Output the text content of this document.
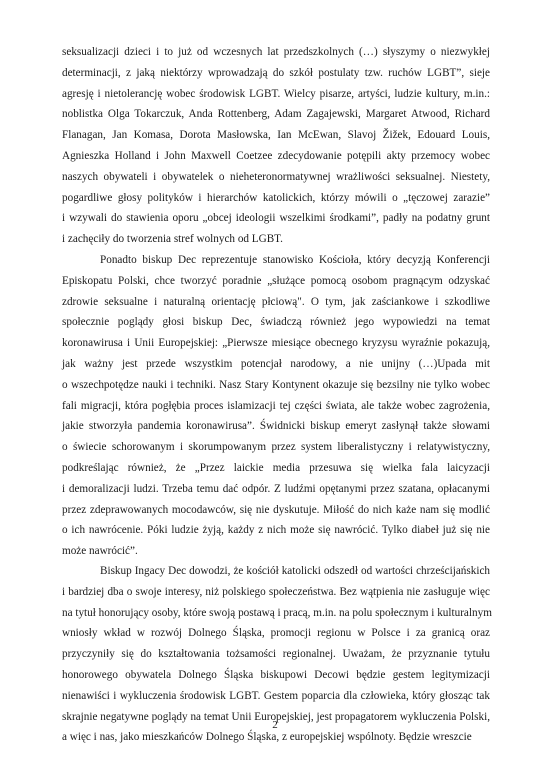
seksualizacji dzieci i to już od wczesnych lat przedszkolnych (…) słyszymy o niezwykłej
determinacji, z jaką niektórzy wprowadzają do szkół postulaty tzw. ruchów LGBT”, sieje
agresję i nietolerancję wobec środowisk LGBT. Wielcy pisarze, artyści, ludzie kultury, m.in.:
noblistka Olga Tokarczuk, Anda Rottenberg, Adam Zagajewski, Margaret Atwood, Richard
Flanagan, Jan Komasa, Dorota Masłowska, Ian McEwan, Slavoj Žižek, Edouard Louis,
Agnieszka Holland i John Maxwell Coetzee zdecydowanie potępili akty przemocy wobec
naszych obywateli i obywatelek o nieheteronormatywnej wrażliwości seksualnej. Niestety,
pogardliwe głosy polityków i hierarchów katolickich, którzy mówili o „tęczowej zarazie”
i wzywali do stawienia oporu „obcej ideologii wszelkimi środkami”, padły na podatny grunt
i zachęciły do tworzenia stref wolnych od LGBT.
Ponadto biskup Dec reprezentuje stanowisko Kościoła, który decyzją Konferencji
Episkopatu Polski, chce tworzyć poradnie „służące pomocą osobom pragnącym odzyskać
zdrowie seksualne i naturalną orientację płciową". O tym, jak zaściankowe i szkodliwe
społecznie poglądy głosi biskup Dec, świadczą również jego wypowiedzi na temat
koronawirusa i Unii Europejskiej: „Pierwsze miesiące obecnego kryzysu wyraźnie pokazują,
jak ważny jest przede wszystkim potencjał narodowy, a nie unijny (…)Upada mit
o wszechpotędze nauki i techniki. Nasz Stary Kontynent okazuje się bezsilny nie tylko wobec
fali migracji, która pogłębia proces islamizacji tej części świata, ale także wobec zagrożenia,
jakie stworzyła pandemia koronawirusa”. Świdnicki biskup emeryt zasłynął także słowami
o świecie schorowanym i skorumpowanym przez system liberalistyczny i relatywistyczny,
podkreślając również, że „Przez laickie media przesuwa się wielka fala laicyzacji
i demoralizacji ludzi. Trzeba temu dać odpór. Z ludźmi opętanymi przez szatana, opłacanymi
przez zdeprawowanych mocodawców, się nie dyskutuje. Miłość do nich każe nam się modlić
o ich nawrócenie. Póki ludzie żyją, każdy z nich może się nawrócić. Tylko diabeł już się nie
może nawrócić”.
Biskup Ingacy Dec dowodzi, że kościół katolicki odszedł od wartości chrześcijańskich
i bardziej dba o swoje interesy, niż polskiego społeczeństwa. Bez wątpienia nie zasługuje więc
na tytuł honorujący osoby, które swoją postawą i pracą, m.in. na polu społecznym i kulturalnym
wniosły wkład w rozwój Dolnego Śląska, promocji regionu w Polsce i za granicą oraz
przyczyniły się do kształtowania tożsamości regionalnej. Uważam, że przyznanie tytułu
honorowego obywatela Dolnego Śląska biskupowi Decowi będzie gestem legitymizacji
nienawiści i wykluczenia środowisk LGBT. Gestem poparcia dla człowieka, który głosząc tak
skrajnie negatywne poglądy na temat Unii Europejskiej, jest propagatorem wykluczenia Polski,
a więc i nas, jako mieszkańców Dolnego Śląska, z europejskiej wspólnoty. Będzie wreszcie
2
